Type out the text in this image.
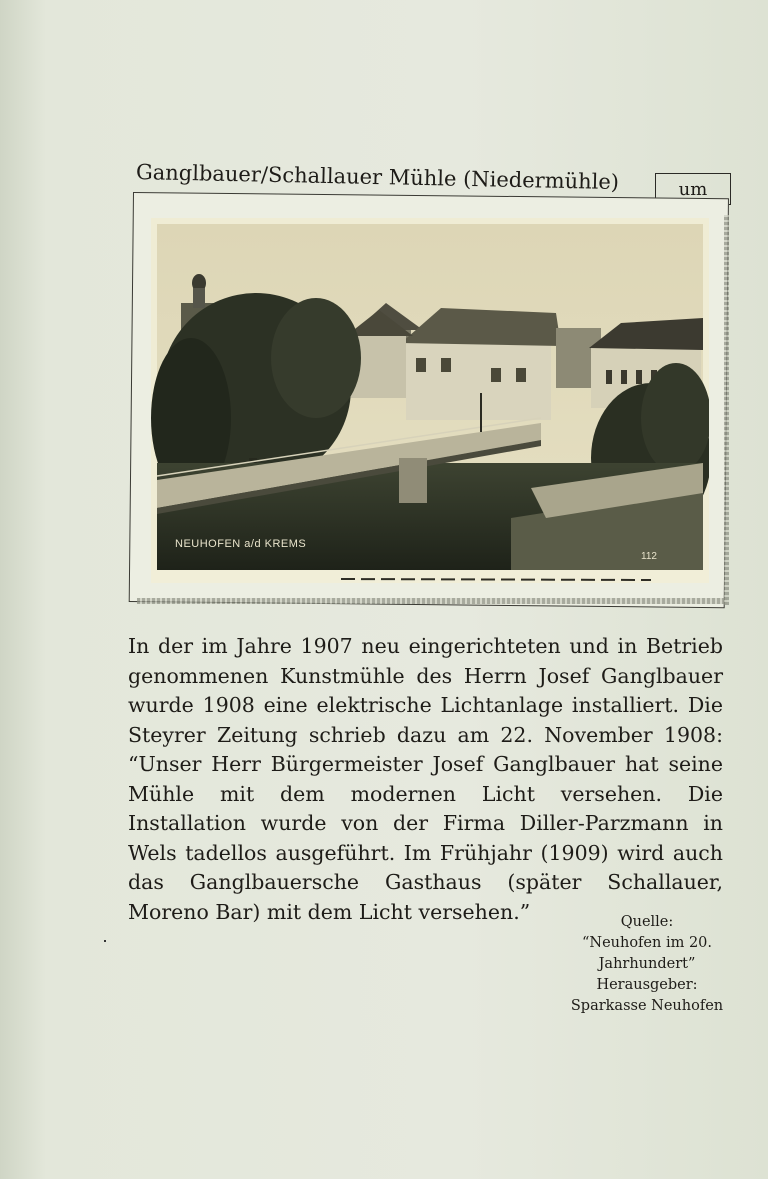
Ganglbauer/Schallauer Mühle (Niedermühle)	um
NEUHOFEN a/d KREMS
112

In der im Jahre 1907 neu eingerichteten und in Betrieb genommenen Kunstmühle des Herrn Josef Ganglbauer wurde 1908 eine elektrische Lichtanlage installiert. Die Steyrer Zeitung schrieb dazu am 22. November 1908: “Unser Herr Bürgermeister Josef Ganglbauer hat seine Mühle mit dem modernen Licht versehen. Die Installation wurde von der Firma Diller-Parzmann in Wels tadellos ausgeführt. Im Frühjahr (1909) wird auch das Ganglbauersche Gasthaus (später Schallauer, Moreno Bar) mit dem Licht versehen.”	Quelle:
“Neuhofen im 20. Jahrhundert”
Herausgeber:
Sparkasse Neuhofen
